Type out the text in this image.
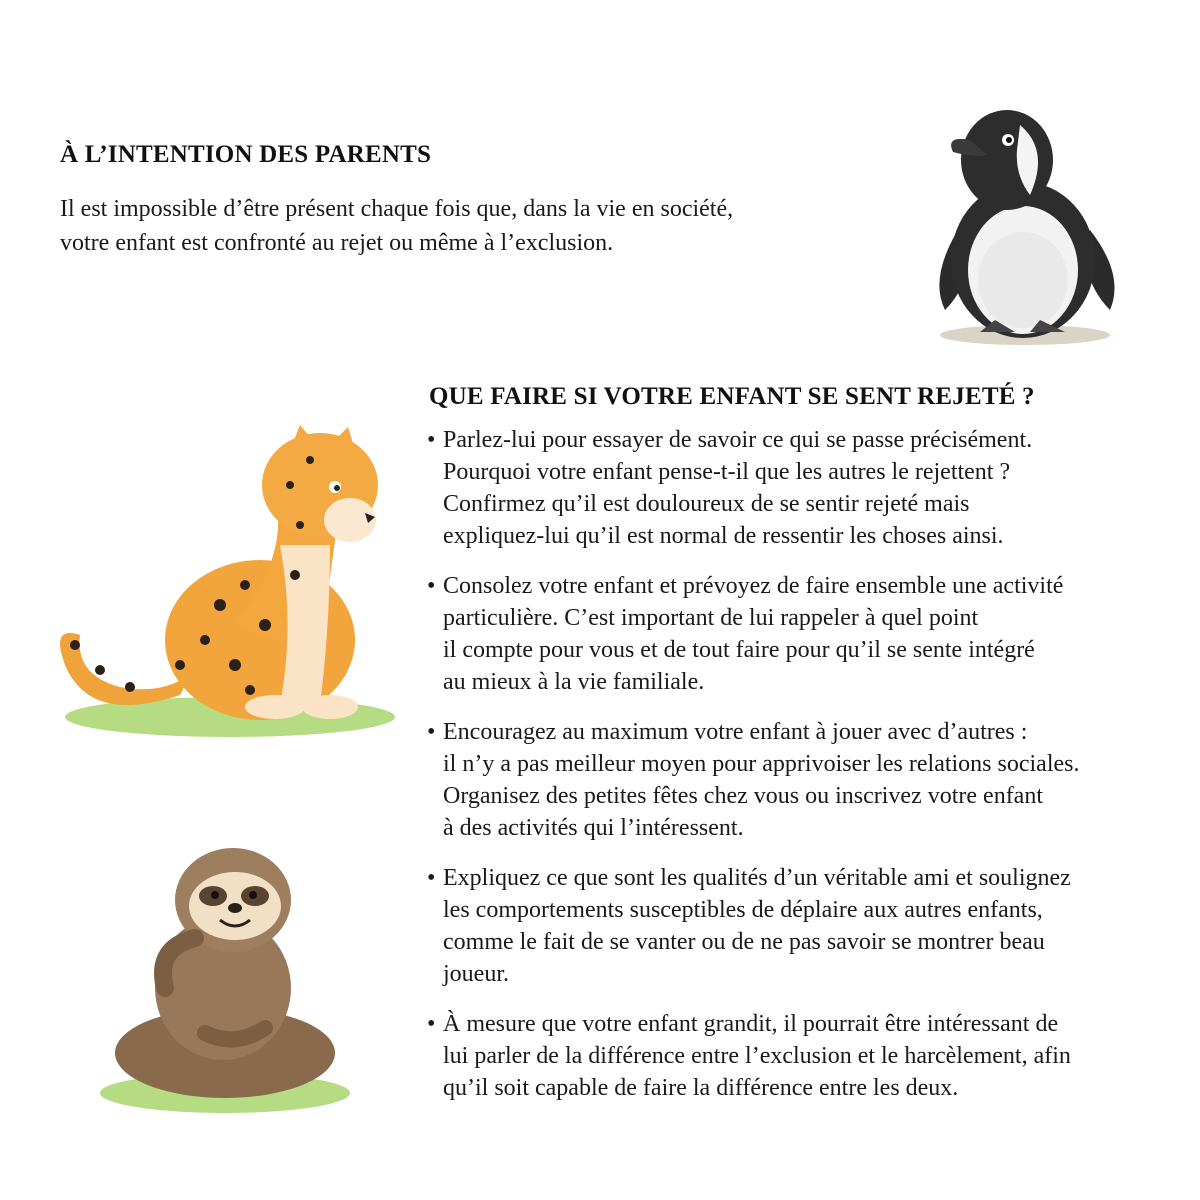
À L’INTENTION DES PARENTS

Il est impossible d’être présent chaque fois que, dans la vie en société,
votre enfant est confronté au rejet ou même à l’exclusion.

QUE FAIRE SI VOTRE ENFANT SE SENT REJETÉ ?
• Parlez-lui pour essayer de savoir ce qui se passe précisément.
Pourquoi votre enfant pense-t-il que les autres le rejettent ?
Confirmez qu’il est douloureux de se sentir rejeté mais
expliquez-lui qu’il est normal de ressentir les choses ainsi.
• Consolez votre enfant et prévoyez de faire ensemble une activité
particulière. C’est important de lui rappeler à quel point
il compte pour vous et de tout faire pour qu’il se sente intégré
au mieux à la vie familiale.
• Encouragez au maximum votre enfant à jouer avec d’autres :
il n’y a pas meilleur moyen pour apprivoiser les relations sociales.
Organisez des petites fêtes chez vous ou inscrivez votre enfant
à des activités qui l’intéressent.
• Expliquez ce que sont les qualités d’un véritable ami et soulignez
les comportements susceptibles de déplaire aux autres enfants,
comme le fait de se vanter ou de ne pas savoir se montrer beau
joueur.
• À mesure que votre enfant grandit, il pourrait être intéressant de
lui parler de la différence entre l’exclusion et le harcèlement, afin
qu’il soit capable de faire la différence entre les deux.
